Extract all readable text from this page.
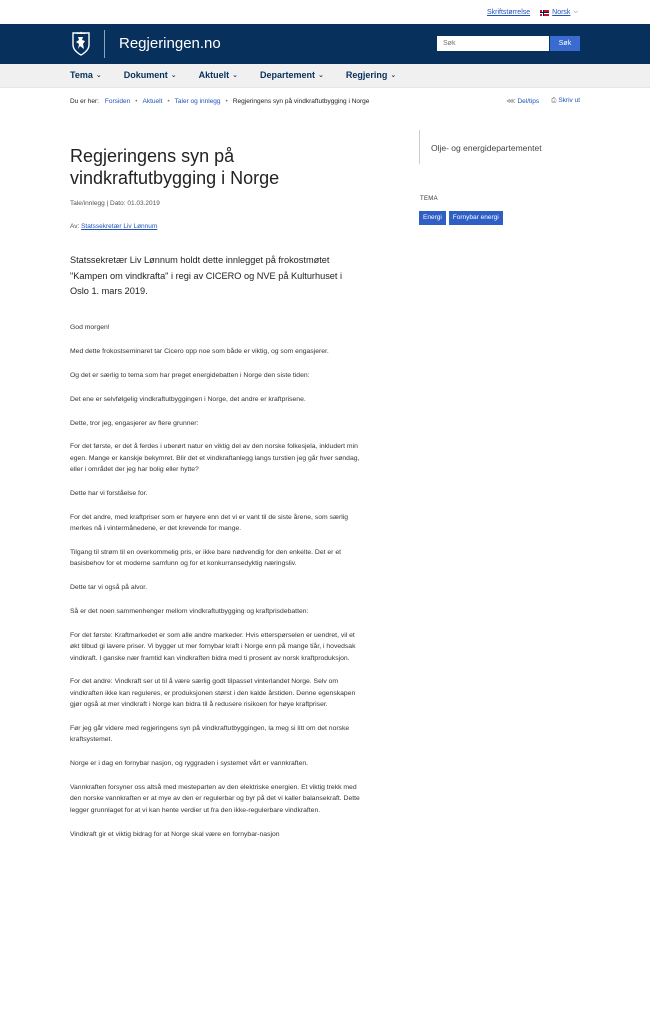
Skriftstørrelse	Norsk ⌵
Regjeringen.no
Søk	Søk
Tema ⌄ Dokument ⌄ Aktuelt ⌄ Departement ⌄ Regjering ⌄
Du er her: Forsiden • Aktuelt • Taler og innlegg • Regjeringens syn på vindkraftutbygging i Norge	⋘ Del/tips ⎙ Skriv ut
Regjeringens syn på vindkraftutbygging i Norge
Tale/innlegg | Dato: 01.03.2019
Av: Statssekretær Liv Lønnum
Statssekretær Liv Lønnum holdt dette innlegget på frokostmøtet "Kampen om vindkrafta" i regi av CICERO og NVE på Kulturhuset i Oslo 1. mars 2019.

God morgen!

Med dette frokostseminaret tar Cicero opp noe som både er viktig, og som engasjerer.

Og det er særlig to tema som har preget energidebatten i Norge den siste tiden:

Det ene er selvfølgelig vindkraftutbyggingen i Norge, det andre er kraftprisene.

Dette, tror jeg, engasjerer av flere grunner:

For det første, er det å ferdes i uberørt natur en viktig del av den norske folkesjela, inkludert min egen. Mange er kanskje bekymret. Blir det et vindkraftanlegg langs turstien jeg går hver søndag, eller i området der jeg har bolig eller hytte?

Dette har vi forståelse for.

For det andre, med kraftpriser som er høyere enn det vi er vant til de siste årene, som særlig merkes nå i vintermånedene, er det krevende for mange.

Tilgang til strøm til en overkommelig pris, er ikke bare nødvendig for den enkelte. Det er et basisbehov for et moderne samfunn og for et konkurransedyktig næringsliv.

Dette tar vi også på alvor.

Så er det noen sammenhenger mellom vindkraftutbygging og kraftprisdebatten:

For det første: Kraftmarkedet er som alle andre markeder. Hvis etterspørselen er uendret, vil et økt tilbud gi lavere priser. Vi bygger ut mer fornybar kraft i Norge enn på mange tiår, i hovedsak vindkraft. I ganske nær framtid kan vindkraften bidra med ti prosent av norsk kraftproduksjon.

For det andre: Vindkraft ser ut til å være særlig godt tilpasset vinterlandet Norge. Selv om vindkraften ikke kan reguleres, er produksjonen størst i den kalde årstiden. Denne egenskapen gjør også at mer vindkraft i Norge kan bidra til å redusere risikoen for høye kraftpriser.

Før jeg går videre med regjeringens syn på vindkraftutbyggingen, la meg si litt om det norske kraftsystemet.

Norge er i dag en fornybar nasjon, og ryggraden i systemet vårt er vannkraften.

Vannkraften forsyner oss altså med mesteparten av den elektriske energien. Et viktig trekk med den norske vannkraften er at mye av den er regulerbar og byr på det vi kaller balansekraft. Dette legger grunnlaget for at vi kan hente verdier ut fra den ikke-regulerbare vindkraften.

Vindkraft gir et viktig bidrag for at Norge skal være en fornybar-nasjon

Olje- og energidepartementet
TEMA
Energi	Fornybar energi
